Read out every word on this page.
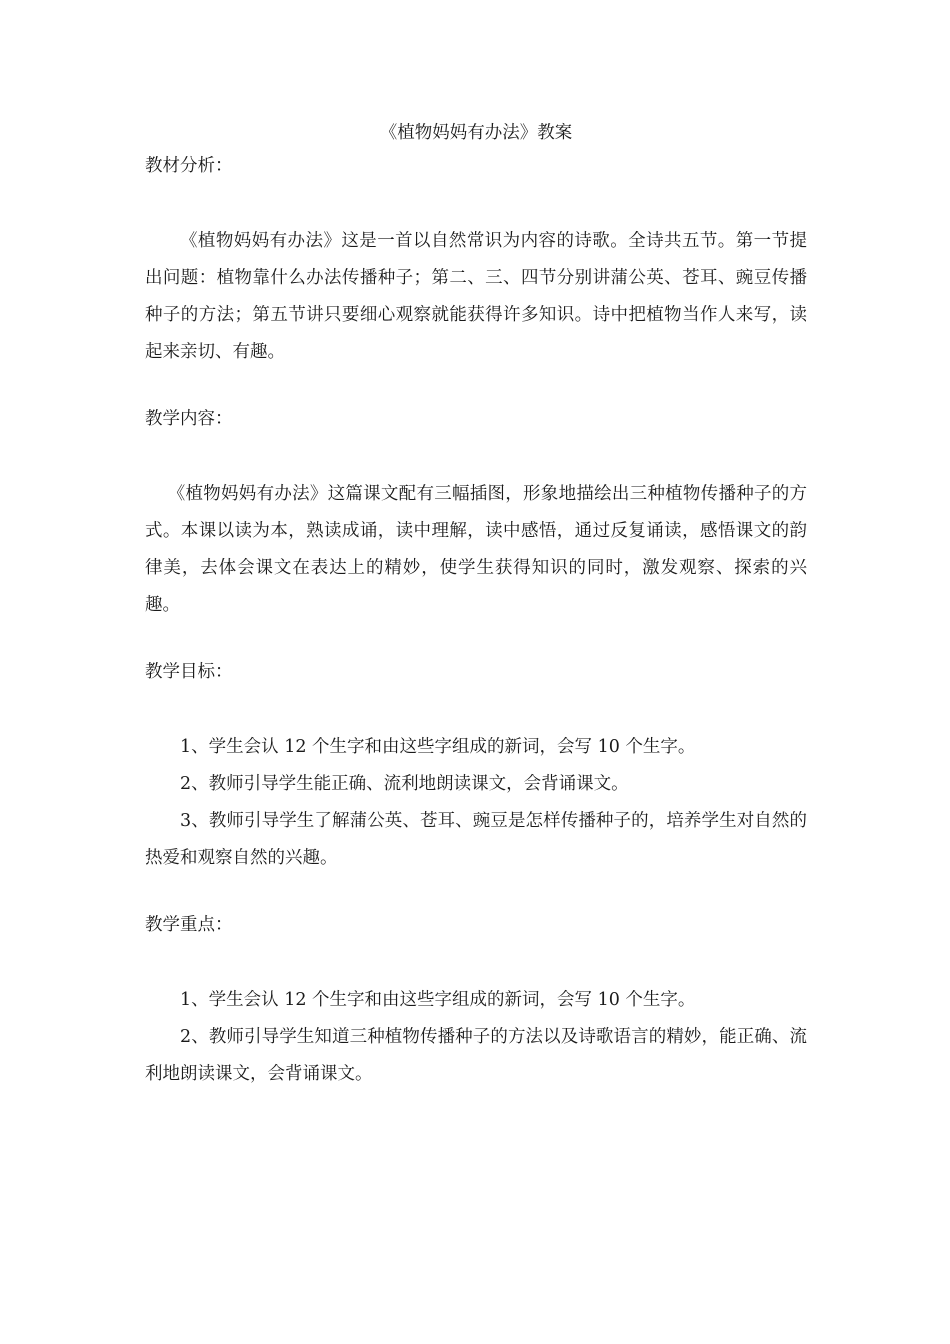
《植物妈妈有办法》教案

教材分析：

《植物妈妈有办法》这是一首以自然常识为内容的诗歌。全诗共五节。第一节提出问题：植物靠什么办法传播种子；第二、三、四节分别讲蒲公英、苍耳、豌豆传播种子的方法；第五节讲只要细心观察就能获得许多知识。诗中把植物当作人来写，读起来亲切、有趣。

教学内容：

《植物妈妈有办法》这篇课文配有三幅插图，形象地描绘出三种植物传播种子的方式。本课以读为本，熟读成诵，读中理解，读中感悟，通过反复诵读，感悟课文的韵律美，去体会课文在表达上的精妙，使学生获得知识的同时，激发观察、探索的兴趣。

教学目标：

1、学生会认 12 个生字和由这些字组成的新词，会写 10 个生字。

2、教师引导学生能正确、流利地朗读课文，会背诵课文。

3、教师引导学生了解蒲公英、苍耳、豌豆是怎样传播种子的，培养学生对自然的热爱和观察自然的兴趣。

教学重点：

1、学生会认 12 个生字和由这些字组成的新词，会写 10 个生字。

2、教师引导学生知道三种植物传播种子的方法以及诗歌语言的精妙，能正确、流利地朗读课文，会背诵课文。
